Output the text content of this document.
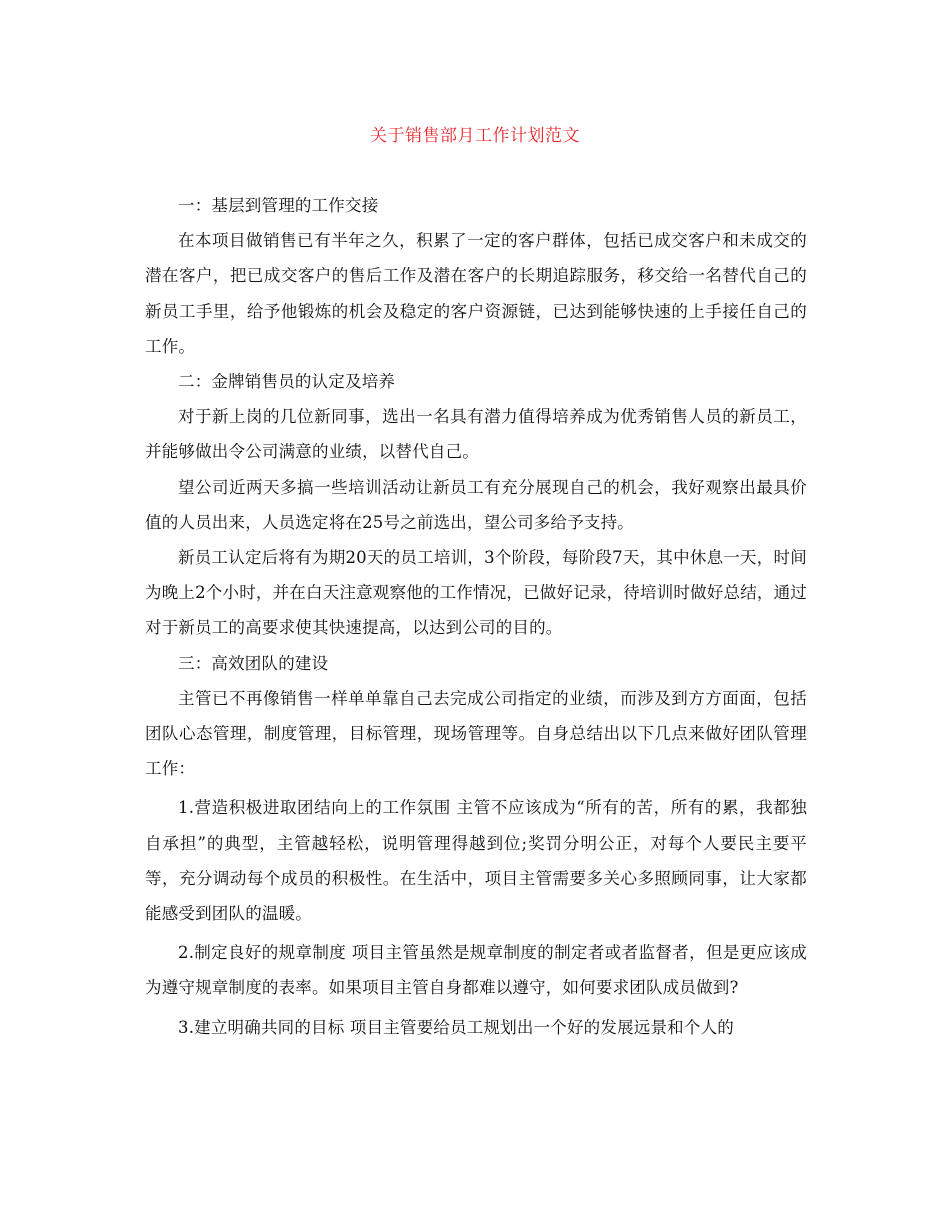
关于销售部月工作计划范文
一：基层到管理的工作交接

在本项目做销售已有半年之久，积累了一定的客户群体，包括已成交客户和未成交的潜在客户，把已成交客户的售后工作及潜在客户的长期追踪服务，移交给一名替代自己的新员工手里，给予他锻炼的机会及稳定的客户资源链，已达到能够快速的上手接任自己的工作。

二：金牌销售员的认定及培养

对于新上岗的几位新同事，选出一名具有潜力值得培养成为优秀销售人员的新员工，并能够做出令公司满意的业绩，以替代自己。

望公司近两天多搞一些培训活动让新员工有充分展现自己的机会，我好观察出最具价值的人员出来，人员选定将在25号之前选出，望公司多给予支持。

新员工认定后将有为期20天的员工培训，3个阶段，每阶段7天，其中休息一天，时间为晚上2个小时，并在白天注意观察他的工作情况，已做好记录，待培训时做好总结，通过对于新员工的高要求使其快速提高，以达到公司的目的。

三：高效团队的建设

主管已不再像销售一样单单靠自己去完成公司指定的业绩，而涉及到方方面面，包括团队心态管理，制度管理，目标管理，现场管理等。自身总结出以下几点来做好团队管理工作：

1.营造积极进取团结向上的工作氛围 主管不应该成为“所有的苦，所有的累，我都独自承担”的典型，主管越轻松，说明管理得越到位;奖罚分明公正，对每个人要民主要平等，充分调动每个成员的积极性。在生活中，项目主管需要多关心多照顾同事，让大家都能感受到团队的温暖。

2.制定良好的规章制度 项目主管虽然是规章制度的制定者或者监督者，但是更应该成为遵守规章制度的表率。如果项目主管自身都难以遵守，如何要求团队成员做到?

3.建立明确共同的目标 项目主管要给员工规划出一个好的发展远景和个人的
